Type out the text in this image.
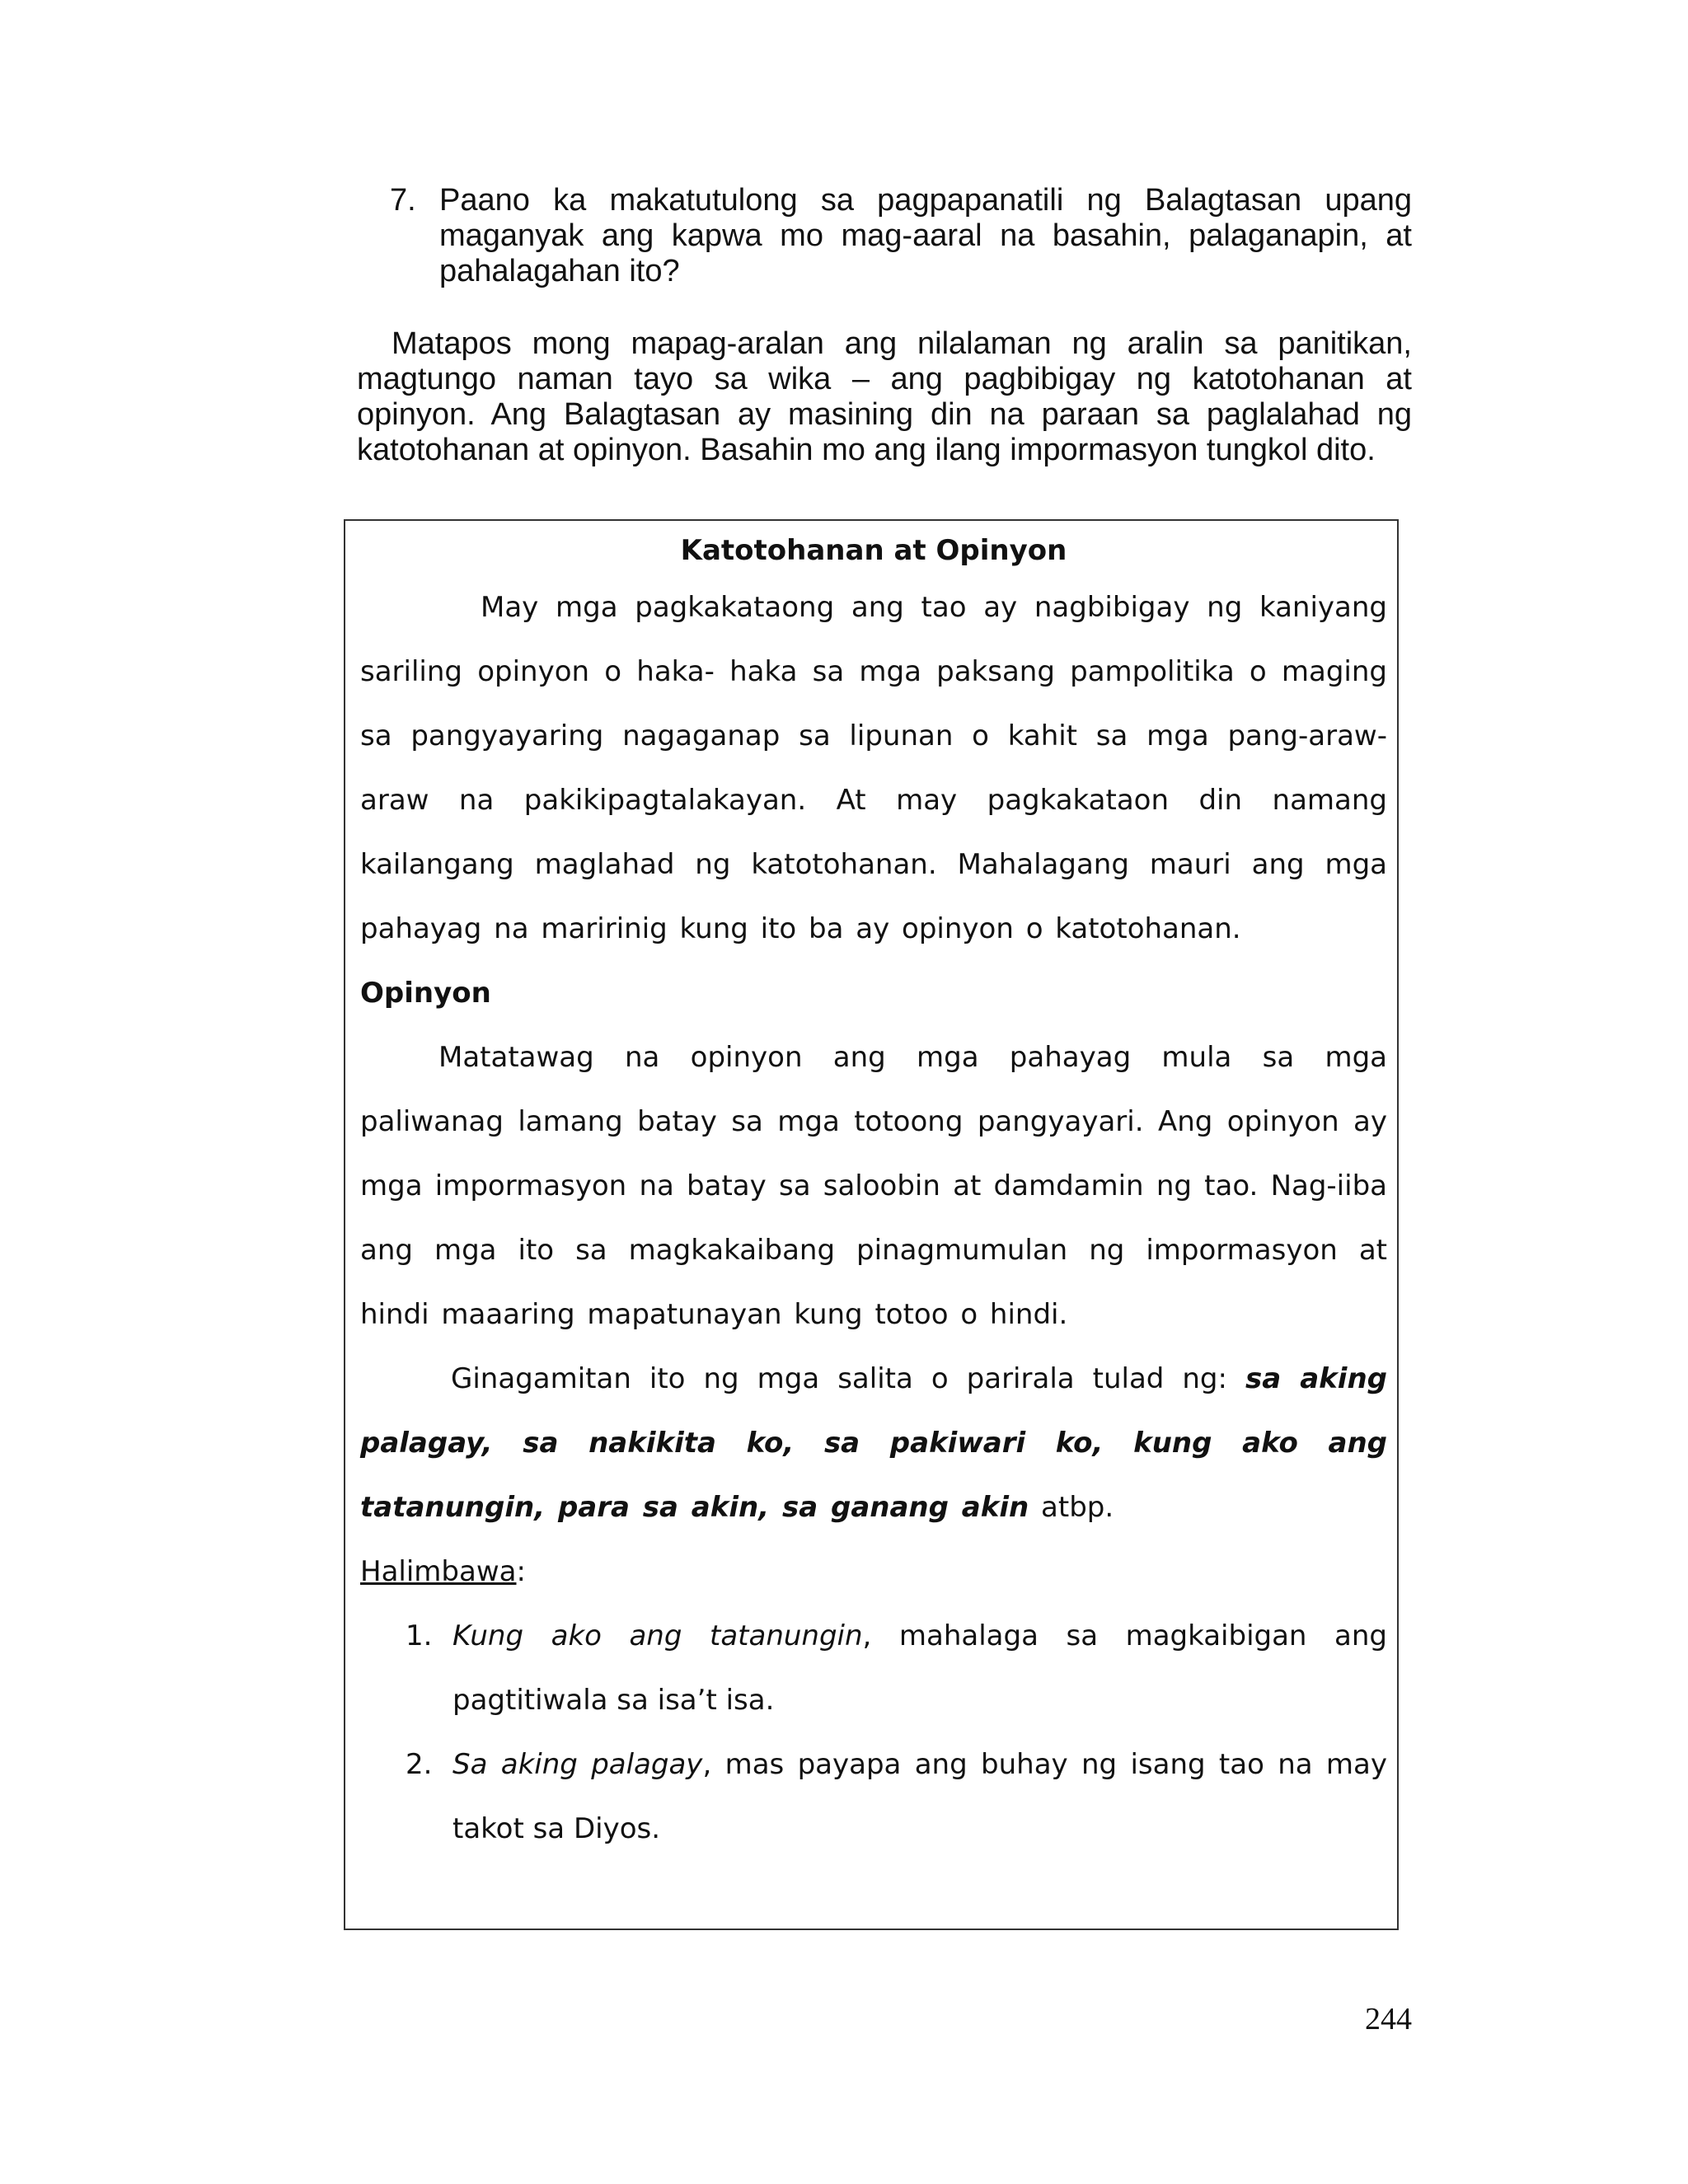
7. Paano ka makatutulong sa pagpapanatili ng Balagtasan upang maganyak ang kapwa mo mag-aaral na basahin, palaganapin, at pahalagahan ito?

Matapos mong mapag-aralan ang nilalaman ng aralin sa panitikan, magtungo naman tayo sa wika – ang pagbibigay ng katotohanan at opinyon. Ang Balagtasan ay masining din na paraan sa paglalahad ng katotohanan at opinyon. Basahin mo ang ilang impormasyon tungkol dito.

Katotohanan at Opinyon

May mga pagkakataong ang tao ay nagbibigay ng kaniyang sariling opinyon o haka- haka sa mga paksang pampolitika o maging sa pangyayaring nagaganap sa lipunan o kahit sa mga pang-araw-araw na pakikipagtalakayan. At may pagkakataon din namang kailangang maglahad ng katotohanan. Mahalagang mauri ang mga pahayag na maririnig kung ito ba ay opinyon o katotohanan.

Opinyon

Matatawag na opinyon ang mga pahayag mula sa mga paliwanag lamang batay sa mga totoong pangyayari. Ang opinyon ay mga impormasyon na batay sa saloobin at damdamin ng tao. Nag-iiba ang mga ito sa magkakaibang pinagmumulan ng impormasyon at hindi maaaring mapatunayan kung totoo o hindi.

Ginagamitan ito ng mga salita o parirala tulad ng: sa aking palagay, sa nakikita ko, sa pakiwari ko, kung ako ang tatanungin, para sa akin, sa ganang akin atbp.

Halimbawa:

1. Kung ako ang tatanungin, mahalaga sa magkaibigan ang pagtitiwala sa isa’t isa.
2. Sa aking palagay, mas payapa ang buhay ng isang tao na may takot sa Diyos.
244
